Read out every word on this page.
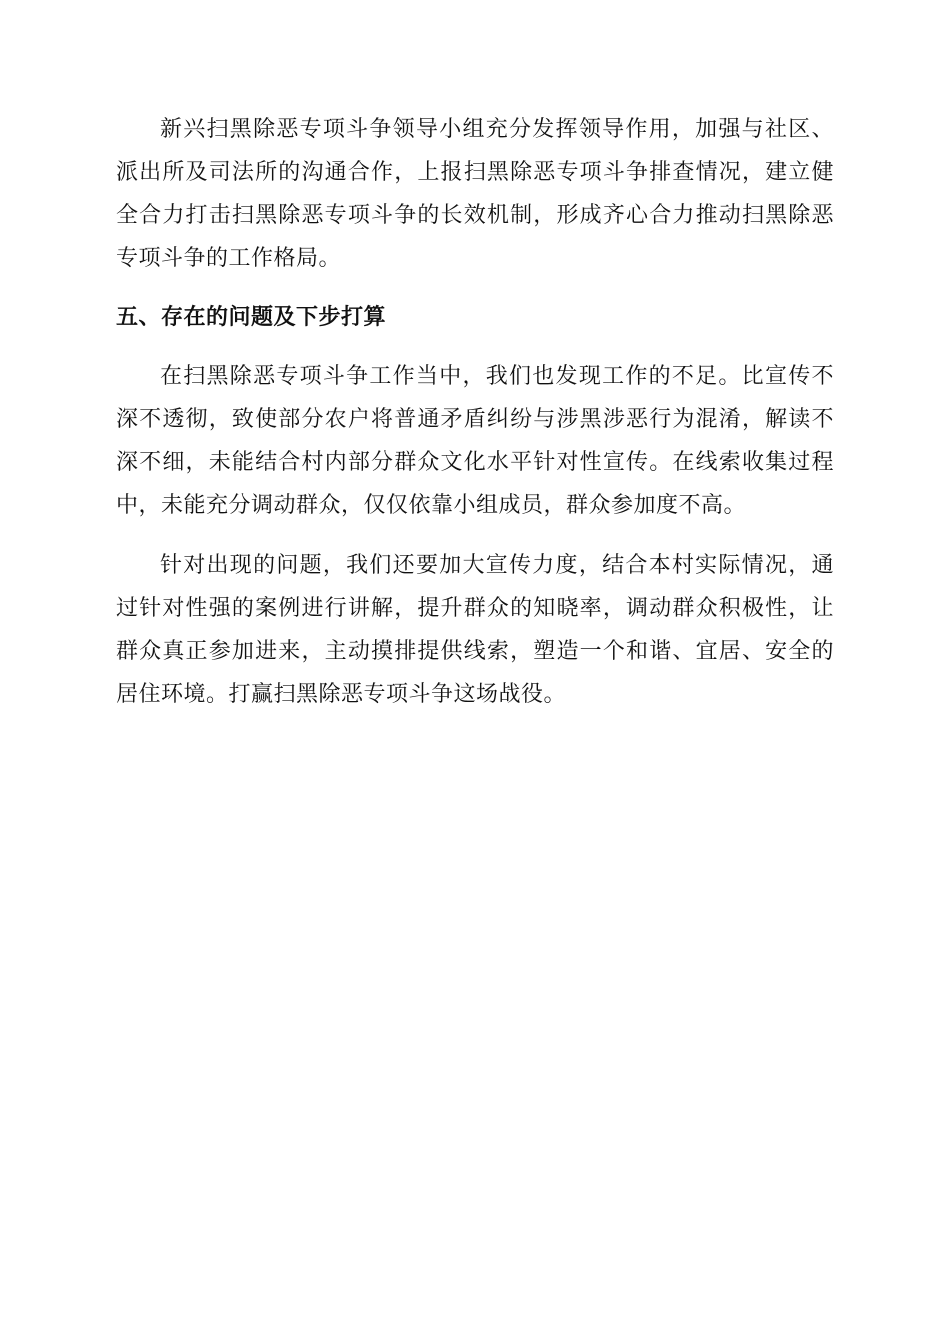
新兴扫黑除恶专项斗争领导小组充分发挥领导作用，加强与社区、派出所及司法所的沟通合作，上报扫黑除恶专项斗争排查情况，建立健全合力打击扫黑除恶专项斗争的长效机制，形成齐心合力推动扫黑除恶专项斗争的工作格局。

五、存在的问题及下步打算

在扫黑除恶专项斗争工作当中，我们也发现工作的不足。比宣传不深不透彻，致使部分农户将普通矛盾纠纷与涉黑涉恶行为混淆，解读不深不细，未能结合村内部分群众文化水平针对性宣传。在线索收集过程中，未能充分调动群众，仅仅依靠小组成员，群众参加度不高。

针对出现的问题，我们还要加大宣传力度，结合本村实际情况，通过针对性强的案例进行讲解，提升群众的知晓率，调动群众积极性，让群众真正参加进来，主动摸排提供线索，塑造一个和谐、宜居、安全的居住环境。打赢扫黑除恶专项斗争这场战役。
